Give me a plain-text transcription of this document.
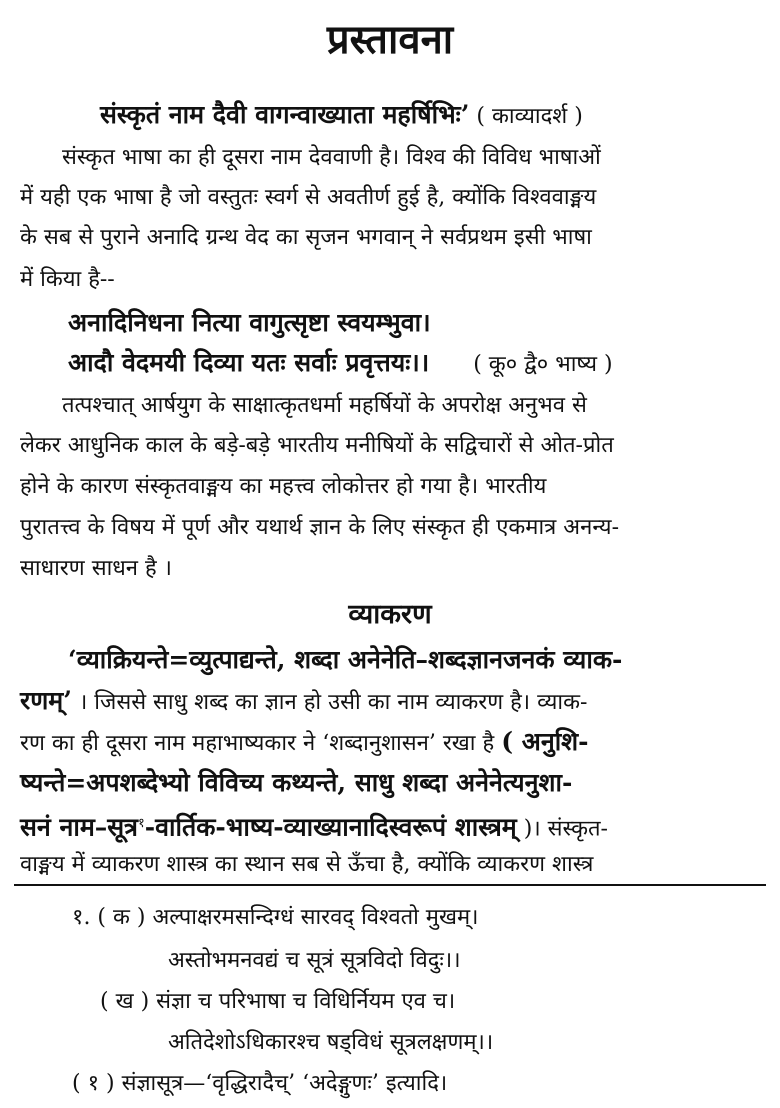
प्रस्तावना
संस्कृतं नाम दैवी वागन्वाख्याता महर्षिभिः’ ( काव्यादर्श )
संस्कृत भाषा का ही दूसरा नाम देववाणी है। विश्व की विविध भाषाओं
में यही एक भाषा है जो वस्तुतः स्वर्ग से अवतीर्ण हुई है, क्योंकि विश्ववाङ्मय
के सब से पुराने अनादि ग्रन्थ वेद का सृजन भगवान् ने सर्वप्रथम इसी भाषा
में किया है--
अनादिनिधना नित्या वागुत्सृष्टा स्वयम्भुवा।
आदौ वेदमयी दिव्या यतः सर्वाः प्रवृत्तयः।। ( कू० द्वै० भाष्य )
तत्पश्चात् आर्षयुग के साक्षात्कृतधर्मा महर्षियों के अपरोक्ष अनुभव से
लेकर आधुनिक काल के बड़े-बड़े भारतीय मनीषियों के सद्विचारों से ओत-प्रोत
होने के कारण संस्कृतवाङ्मय का महत्त्व लोकोत्तर हो गया है। भारतीय
पुरातत्त्व के विषय में पूर्ण और यथार्थ ज्ञान के लिए संस्कृत ही एकमात्र अनन्य-
साधारण साधन है ।
व्याकरण
‘व्याक्रियन्ते=व्युत्पाद्यन्ते, शब्दा अनेनेति–शब्दज्ञानजनकं व्याक-
रणम्’ । जिससे साधु शब्द का ज्ञान हो उसी का नाम व्याकरण है। व्याक-
रण का ही दूसरा नाम महाभाष्यकार ने ‘शब्दानुशासन’ रखा है ( अनुशि-
ष्यन्ते=अपशब्देभ्यो विविच्य कथ्यन्ते, साधु शब्दा अनेनेत्यनुशा-
सनं नाम–सूत्र$^१$-वार्तिक-भाष्य-व्याख्यानादिस्वरूपं शास्त्रम् )। संस्कृत-
वाङ्मय में व्याकरण शास्त्र का स्थान सब से ऊँचा है, क्योंकि व्याकरण शास्त्र
१. ( क ) अल्पाक्षरमसन्दिग्धं सारवद् विश्वतो मुखम्।
अस्तोभमनवद्यं च सूत्रं सूत्रविदो विदुः।।
( ख ) संज्ञा च परिभाषा च विधिर्नियम एव च।
अतिदेशोऽधिकारश्च षड्विधं सूत्रलक्षणम्।।
( १ ) संज्ञासूत्र—‘वृद्धिरादैच्’ ‘अदेङ्गुणः’ इत्यादि।
